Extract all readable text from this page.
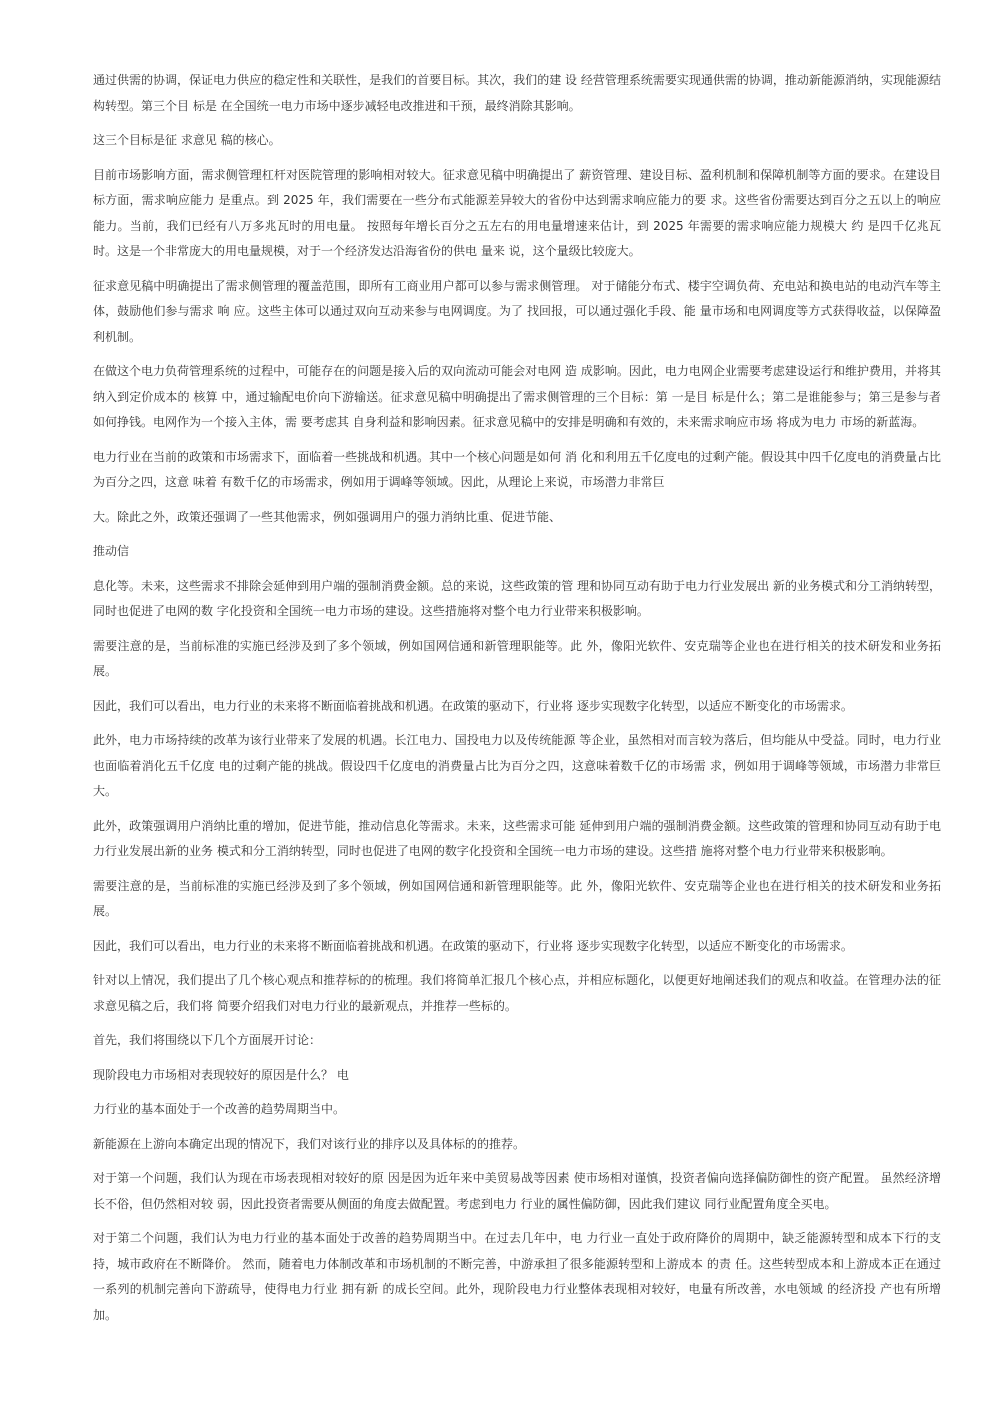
通过供需的协调，保证电力供应的稳定性和关联性，是我们的首要目标。其次，我们的建 设 经营管理系统需要实现通供需的协调，推动新能源消纳，实现能源结构转型。第三个目 标是 在全国统一电力市场中逐步减轻电改推进和干预，最终消除其影响。

这三个目标是征 求意见 稿的核心。

目前市场影响方面，需求侧管理杠杆对医院管理的影响相对较大。征求意见稿中明确提出了 薪资管理、建设目标、盈利机制和保障机制等方面的要求。在建设目标方面，需求响应能力 是重点。到 2025 年，我们需要在一些分布式能源差异较大的省份中达到需求响应能力的要 求。这些省份需要达到百分之五以上的响应能力。当前，我们已经有八万多兆瓦时的用电量。 按照每年增长百分之五左右的用电量增速来估计，到 2025 年需要的需求响应能力规模大 约 是四千亿兆瓦时。这是一个非常庞大的用电量规模，对于一个经济发达沿海省份的供电 量来 说，这个量级比较庞大。

征求意见稿中明确提出了需求侧管理的覆盖范围，即所有工商业用户都可以参与需求侧管理。 对于储能分布式、楼宇空调负荷、充电站和换电站的电动汽车等主体，鼓励他们参与需求 响 应。这些主体可以通过双向互动来参与电网调度。为了 找回报，可以通过强化手段、能 量市场和电网调度等方式获得收益，以保障盈利机制。

在做这个电力负荷管理系统的过程中，可能存在的问题是接入后的双向流动可能会对电网 造 成影响。因此，电力电网企业需要考虑建设运行和维护费用，并将其纳入到定价成本的 核算 中，通过输配电价向下游输送。征求意见稿中明确提出了需求侧管理的三个目标：第 一是目 标是什么；第二是谁能参与；第三是参与者如何挣钱。电网作为一个接入主体，需 要考虑其 自身利益和影响因素。征求意见稿中的安排是明确和有效的，未来需求响应市场 将成为电力 市场的新蓝海。

电力行业在当前的政策和市场需求下，面临着一些挑战和机遇。其中一个核心问题是如何 消 化和利用五千亿度电的过剩产能。假设其中四千亿度电的消费量占比为百分之四，这意 味着 有数千亿的市场需求，例如用于调峰等领域。因此，从理论上来说，市场潜力非常巨

大。除此之外，政策还强调了一些其他需求，例如强调用户的强力消纳比重、促进节能、

推动信

息化等。未来，这些需求不排除会延伸到用户端的强制消费金额。总的来说，这些政策的管 理和协同互动有助于电力行业发展出 新的业务模式和分工消纳转型，同时也促进了电网的数 字化投资和全国统一电力市场的建设。这些措施将对整个电力行业带来积极影响。

需要注意的是，当前标准的实施已经涉及到了多个领域，例如国网信通和新管理职能等。此 外，像阳光软件、安克瑞等企业也在进行相关的技术研发和业务拓展。

因此，我们可以看出，电力行业的未来将不断面临着挑战和机遇。在政策的驱动下，行业将 逐步实现数字化转型，以适应不断变化的市场需求。

此外，电力市场持续的改革为该行业带来了发展的机遇。长江电力、国投电力以及传统能源 等企业，虽然相对而言较为落后，但均能从中受益。同时，电力行业也面临着消化五千亿度 电的过剩产能的挑战。假设四千亿度电的消费量占比为百分之四，这意味着数千亿的市场需 求，例如用于调峰等领域，市场潜力非常巨大。

此外，政策强调用户消纳比重的增加，促进节能，推动信息化等需求。未来，这些需求可能 延伸到用户端的强制消费金额。这些政策的管理和协同互动有助于电力行业发展出新的业务 模式和分工消纳转型，同时也促进了电网的数字化投资和全国统一电力市场的建设。这些措 施将对整个电力行业带来积极影响。

需要注意的是，当前标准的实施已经涉及到了多个领域，例如国网信通和新管理职能等。此 外，像阳光软件、安克瑞等企业也在进行相关的技术研发和业务拓展。

因此，我们可以看出，电力行业的未来将不断面临着挑战和机遇。在政策的驱动下，行业将 逐步实现数字化转型，以适应不断变化的市场需求。

针对以上情况，我们提出了几个核心观点和推荐标的的梳理。我们将简单汇报几个核心点，并相应标题化，以便更好地阐述我们的观点和收益。在管理办法的征求意见稿之后，我们将 简要介绍我们对电力行业的最新观点，并推荐一些标的。

首先，我们将围绕以下几个方面展开讨论：

现阶段电力市场相对表现较好的原因是什么？ 电

力行业的基本面处于一个改善的趋势周期当中。

新能源在上游向本确定出现的情况下，我们对该行业的排序以及具体标的的推荐。

对于第一个问题，我们认为现在市场表现相对较好的原 因是因为近年来中美贸易战等因素 使市场相对谨慎，投资者偏向选择偏防御性的资产配置。 虽然经济增长不俗，但仍然相对较 弱，因此投资者需要从侧面的角度去做配置。考虑到电力 行业的属性偏防御，因此我们建议 同行业配置角度全买电。

对于第二个问题，我们认为电力行业的基本面处于改善的趋势周期当中。在过去几年中，电 力行业一直处于政府降价的周期中，缺乏能源转型和成本下行的支持，城市政府在不断降价。 然而，随着电力体制改革和市场机制的不断完善，中游承担了很多能源转型和上游成本 的责 任。这些转型成本和上游成本正在通过一系列的机制完善向下游疏导，使得电力行业 拥有新 的成长空间。此外，现阶段电力行业整体表现相对较好，电量有所改善，水电领域 的经济投 产也有所增加。
